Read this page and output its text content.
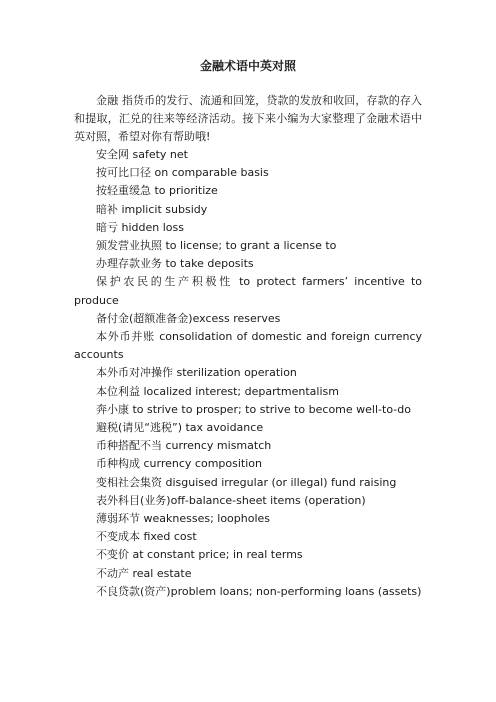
金融术语中英对照

金融 指货币的发行、流通和回笼，贷款的发放和收回，存款的存入和提取，汇兑的往来等经济活动。接下来小编为大家整理了金融术语中英对照，希望对你有帮助哦!

安全网 safety net

按可比口径 on comparable basis

按轻重缓急 to prioritize

暗补 implicit subsidy

暗亏 hidden loss

颁发营业执照 to license; to grant a license to

办理存款业务 to take deposits

保护农民的生产积极性 to protect farmers’ incentive to produce

备付金(超额准备金)excess reserves

本外币并账 consolidation of domestic and foreign currency accounts

本外币对冲操作 sterilization operation

本位利益 localized interest; departmentalism

奔小康 to strive to prosper; to strive to become well-to-do

避税(请见“逃税”) tax avoidance

币种搭配不当 currency mismatch

币种构成 currency composition

变相社会集资 disguised irregular (or illegal) fund raising

表外科目(业务)off-balance-sheet items (operation)

薄弱环节 weaknesses; loopholes

不变成本 fixed cost

不变价 at constant price; in real terms

不动产 real estate

不良贷款(资产)problem loans; non-performing loans (assets)
